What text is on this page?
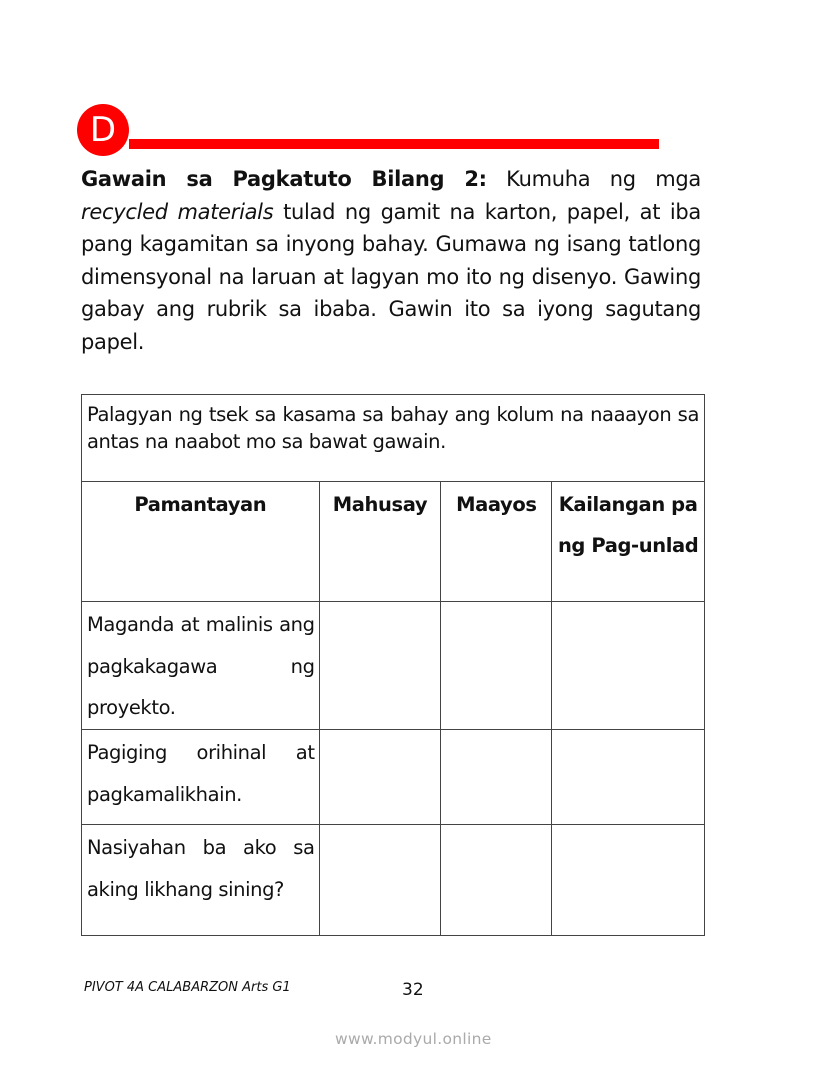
D
Gawain sa Pagkatuto Bilang 2: Kumuha ng mga recycled materials tulad ng gamit na karton, papel, at iba pang kagamitan sa inyong bahay. Gumawa ng isang tatlong dimensyonal na laruan at lagyan mo ito ng disenyo. Gawing gabay ang rubrik sa ibaba. Gawin ito sa iyong sagutang papel.
Palagyan ng tsek sa kasama sa bahay ang kolum na naaayon sa antas na naabot mo sa bawat gawain.			
Pamantayan	Mahusay	Maayos	Kailangan pa ng Pag-unlad
Maganda at malinis ang pagkakagawa ng proyekto.			
Pagiging orihinal at pagkamalikhain.			
Nasiyahan ba ako sa aking likhang sining?			
PIVOT 4A CALABARZON Arts G1	32
www.modyul.online
